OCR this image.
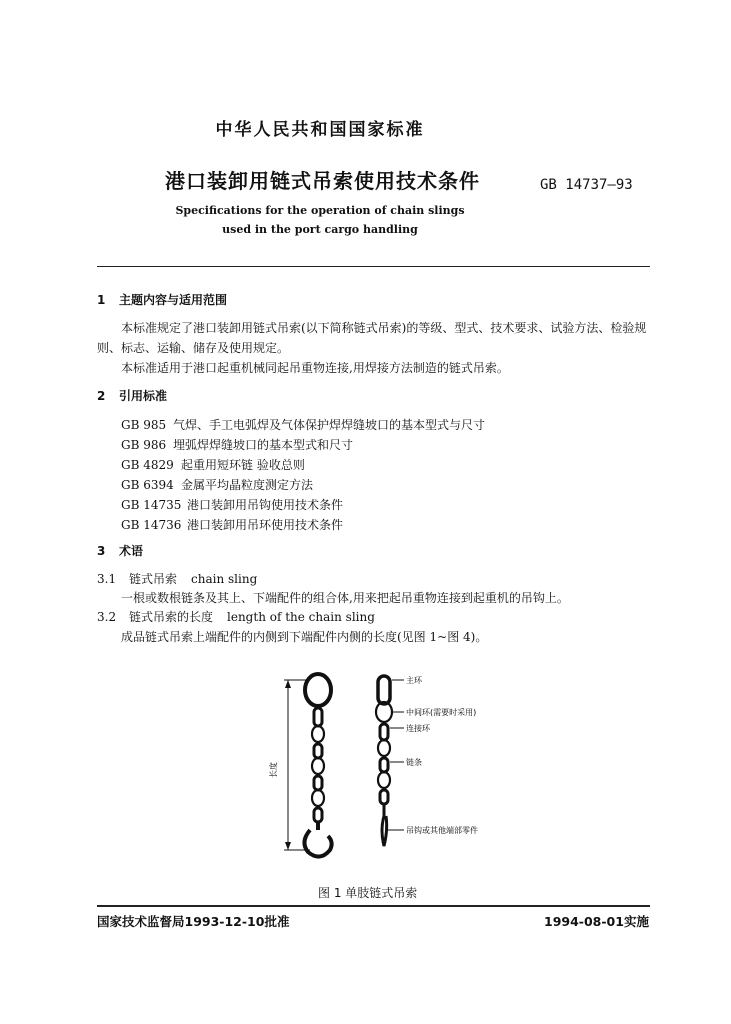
中华人民共和国国家标准
港口装卸用链式吊索使用技术条件	GB 14737—93
Specifications for the operation of chain slings
used in the port cargo handling
1 主题内容与适用范围
本标准规定了港口装卸用链式吊索(以下简称链式吊索)的等级、型式、技术要求、试验方法、检验规
则、标志、运输、储存及使用规定。
本标准适用于港口起重机械同起吊重物连接,用焊接方法制造的链式吊索。
2 引用标准
GB 985 气焊、手工电弧焊及气体保护焊焊缝坡口的基本型式与尺寸
GB 986 埋弧焊焊缝坡口的基本型式和尺寸
GB 4829 起重用短环链 验收总则
GB 6394 金属平均晶粒度测定方法
GB 14735 港口装卸用吊钩使用技术条件
GB 14736 港口装卸用吊环使用技术条件
3 术语
3.1 链式吊索 chain sling
一根或数根链条及其上、下端配件的组合体,用来把起吊重物连接到起重机的吊钩上。
3.2 链式吊索的长度 length of the chain sling
成品链式吊索上端配件的内侧到下端配件内侧的长度(见图 1~图 4)。
长度
主环
中间环(需要时采用)
连接环
链条
吊钩或其他端部零件
图 1 单肢链式吊索
国家技术监督局1993-12-10批准	1994-08-01实施
